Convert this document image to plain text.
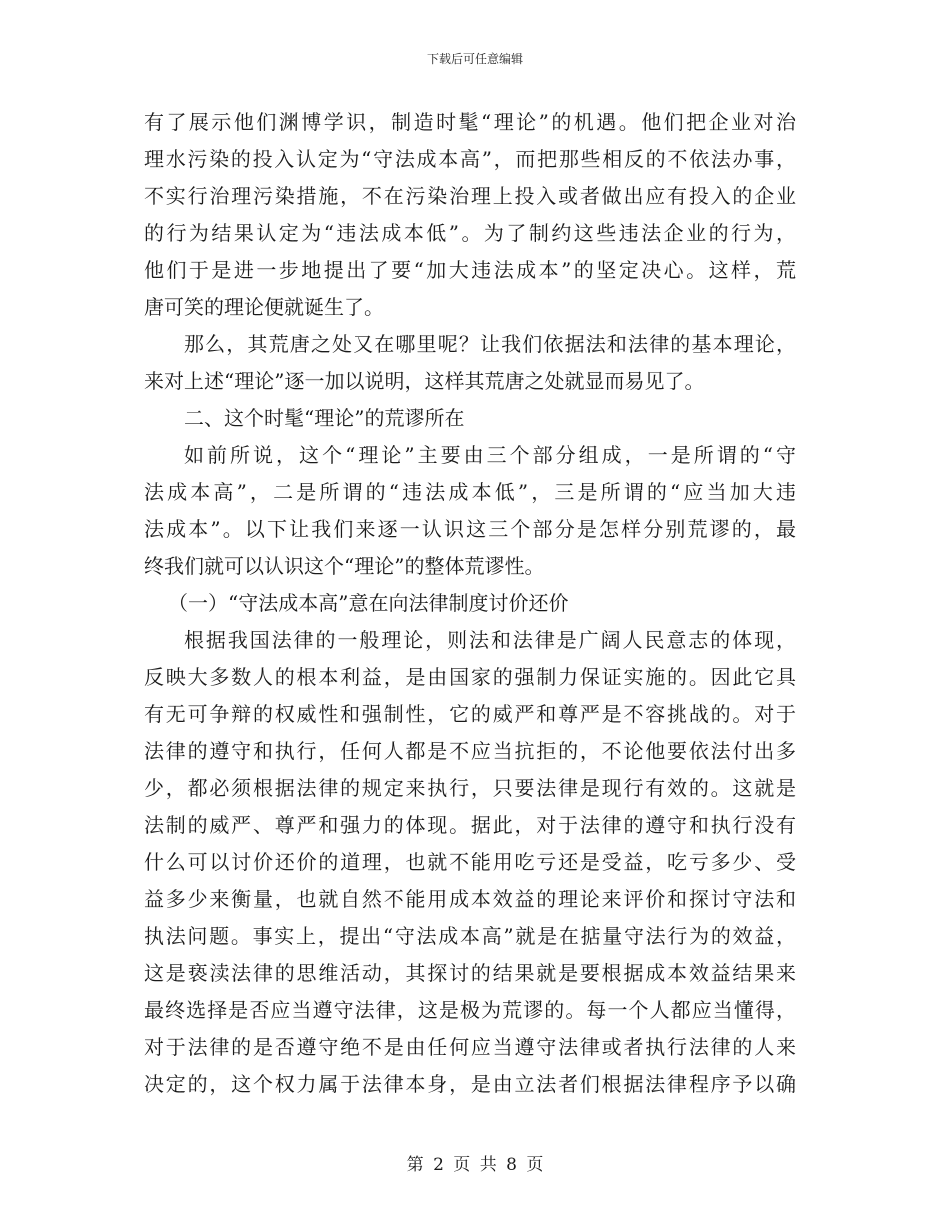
下载后可任意编辑
有了展示他们渊博学识，制造时髦“理论”的机遇。他们把企业对治
理水污染的投入认定为“守法成本高”，而把那些相反的不依法办事，
不实行治理污染措施，不在污染治理上投入或者做出应有投入的企业
的行为结果认定为“违法成本低”。为了制约这些违法企业的行为，
他们于是进一步地提出了要“加大违法成本”的坚定决心。这样，荒
唐可笑的理论便就诞生了。
那么，其荒唐之处又在哪里呢？让我们依据法和法律的基本理论，
来对上述“理论”逐一加以说明，这样其荒唐之处就显而易见了。
二、这个时髦“理论”的荒谬所在
如前所说，这个“理论”主要由三个部分组成，一是所谓的“守
法成本高”，二是所谓的“违法成本低”，三是所谓的“应当加大违
法成本”。以下让我们来逐一认识这三个部分是怎样分别荒谬的，最
终我们就可以认识这个“理论”的整体荒谬性。
（一）“守法成本高”意在向法律制度讨价还价
根据我国法律的一般理论，则法和法律是广阔人民意志的体现，
反映大多数人的根本利益，是由国家的强制力保证实施的。因此它具
有无可争辩的权威性和强制性，它的威严和尊严是不容挑战的。对于
法律的遵守和执行，任何人都是不应当抗拒的，不论他要依法付出多
少，都必须根据法律的规定来执行，只要法律是现行有效的。这就是
法制的威严、尊严和强力的体现。据此，对于法律的遵守和执行没有
什么可以讨价还价的道理，也就不能用吃亏还是受益，吃亏多少、受
益多少来衡量，也就自然不能用成本效益的理论来评价和探讨守法和
执法问题。事实上，提出“守法成本高”就是在掂量守法行为的效益，
这是亵渎法律的思维活动，其探讨的结果就是要根据成本效益结果来
最终选择是否应当遵守法律，这是极为荒谬的。每一个人都应当懂得，
对于法律的是否遵守绝不是由任何应当遵守法律或者执行法律的人来
决定的，这个权力属于法律本身，是由立法者们根据法律程序予以确
第 2 页 共 8 页
